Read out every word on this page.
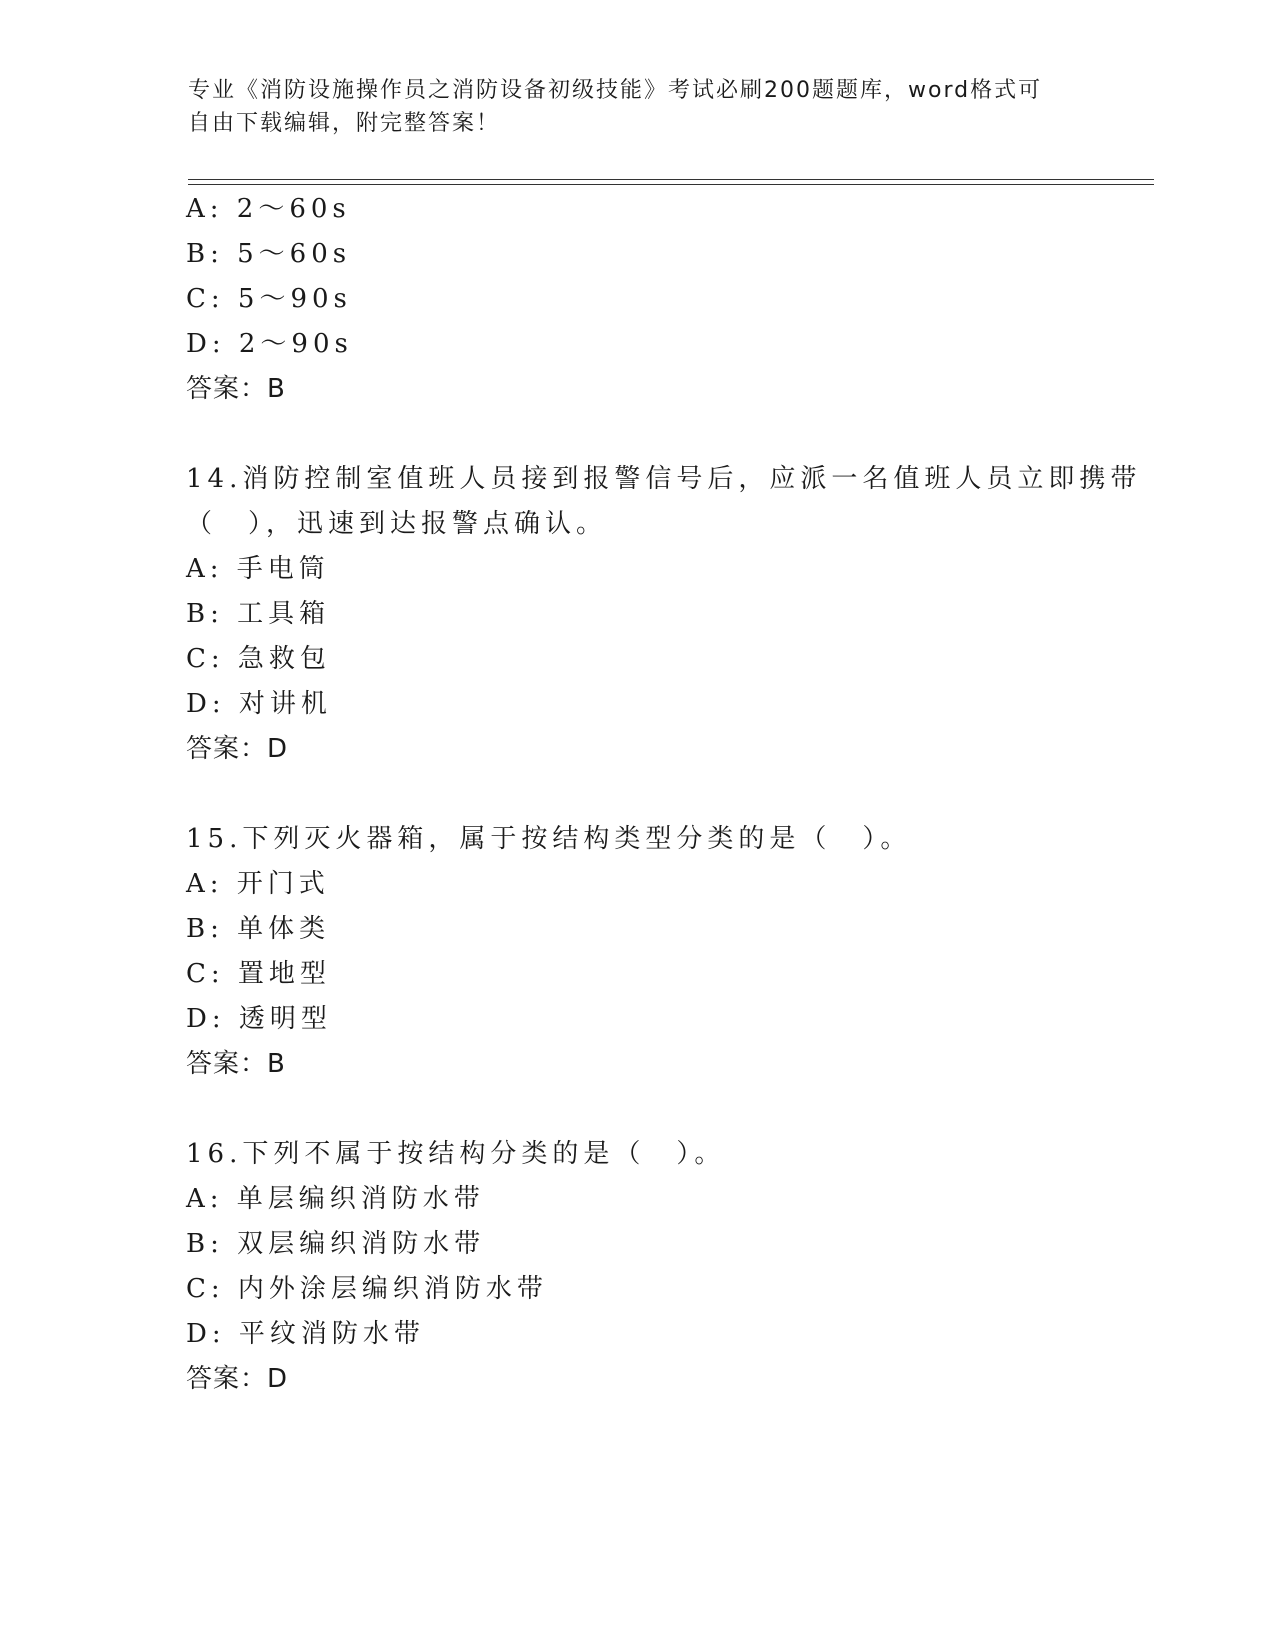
专业《消防设施操作员之消防设备初级技能》考试必刷200题题库，word格式可
自由下载编辑，附完整答案！
A: 2～60s
B: 5～60s
C: 5～90s
D: 2～90s
答案：B
14.消防控制室值班人员接到报警信号后，应派一名值班人员立即携带
（　），迅速到达报警点确认。
A: 手电筒
B: 工具箱
C: 急救包
D: 对讲机
答案：D
15.下列灭火器箱，属于按结构类型分类的是（　）。
A: 开门式
B: 单体类
C: 置地型
D: 透明型
答案：B
16.下列不属于按结构分类的是（　）。
A: 单层编织消防水带
B: 双层编织消防水带
C: 内外涂层编织消防水带
D: 平纹消防水带
答案：D
